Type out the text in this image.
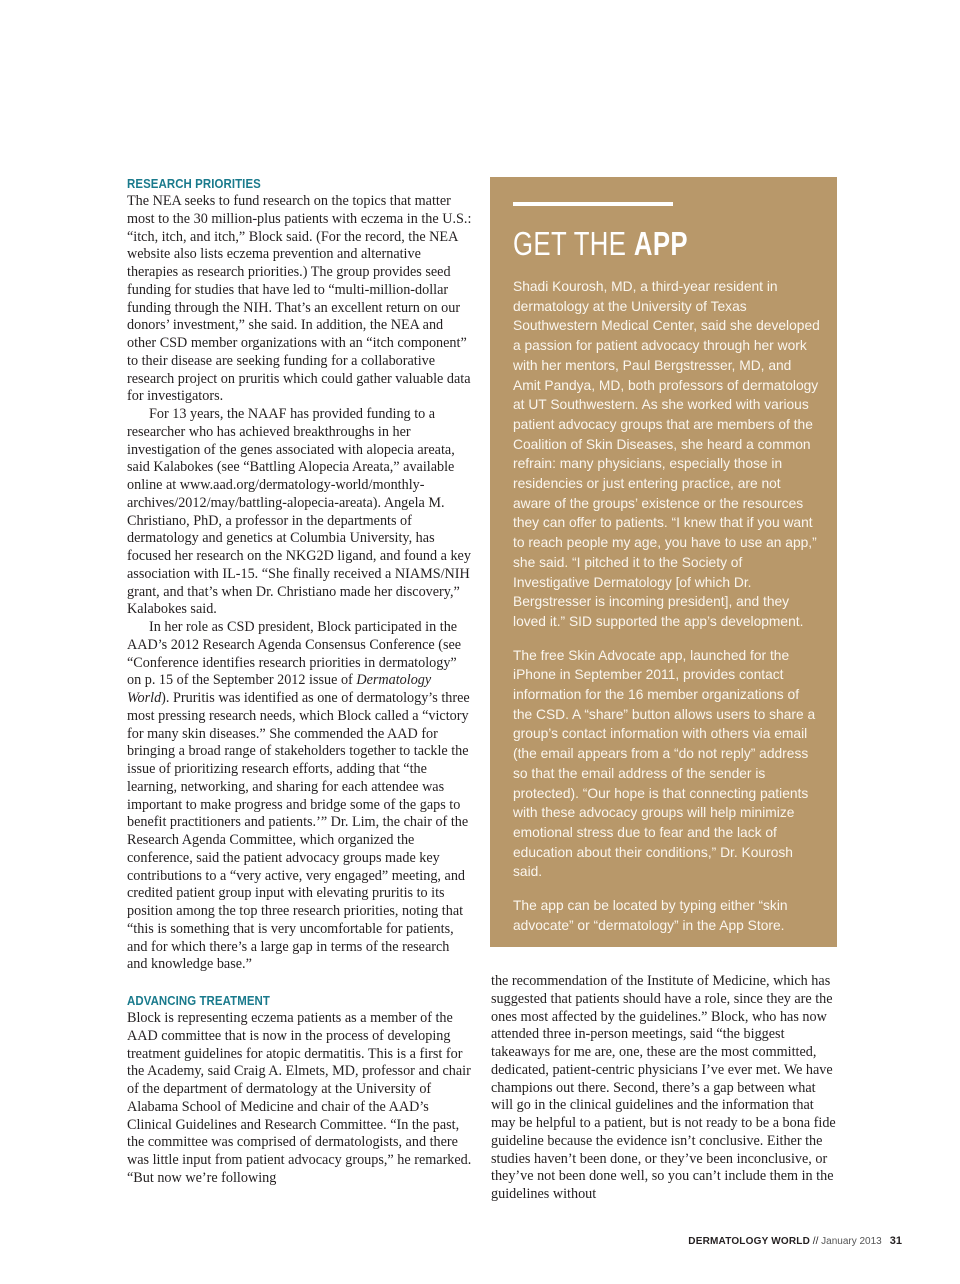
RESEARCH PRIORITIES

The NEA seeks to fund research on the topics that matter most to the 30 million-plus patients with eczema in the U.S.: “itch, itch, and itch,” Block said. (For the record, the NEA website also lists eczema prevention and alternative therapies as research priorities.) The group provides seed funding for studies that have led to “multi-million-dollar funding through the NIH. That’s an excellent return on our donors’ investment,” she said. In addition, the NEA and other CSD member organizations with an “itch component” to their disease are seeking funding for a collaborative research project on pruritis which could gather valuable data for investigators.

For 13 years, the NAAF has provided funding to a researcher who has achieved breakthroughs in her investigation of the genes associated with alopecia areata, said Kalabokes (see “Battling Alopecia Areata,” available online at www.aad.org/dermatology-world/monthly-archives/2012/may/battling-alopecia-areata). Angela M. Christiano, PhD, a professor in the departments of dermatology and genetics at Columbia University, has focused her research on the NKG2D ligand, and found a key association with IL-15. “She finally received a NIAMS/NIH grant, and that’s when Dr. Christiano made her discovery,” Kalabokes said.

In her role as CSD president, Block participated in the AAD’s 2012 Research Agenda Consensus Conference (see “Conference identifies research priorities in dermatology” on p. 15 of the September 2012 issue of Dermatology World). Pruritis was identified as one of dermatology’s three most pressing research needs, which Block called a “victory for many skin diseases.” She commended the AAD for bringing a broad range of stakeholders together to tackle the issue of prioritizing research efforts, adding that “the learning, networking, and sharing for each attendee was important to make progress and bridge some of the gaps to benefit practitioners and patients.’” Dr. Lim, the chair of the Research Agenda Committee, which organized the conference, said the patient advocacy groups made key contributions to a “very active, very engaged” meeting, and credited patient group input with elevating pruritis to its position among the top three research priorities, noting that “this is something that is very uncomfortable for patients, and for which there’s a large gap in terms of the research and knowledge base.”

ADVANCING TREATMENT

Block is representing eczema patients as a member of the AAD committee that is now in the process of developing treatment guidelines for atopic dermatitis. This is a first for the Academy, said Craig A. Elmets, MD, professor and chair of the department of dermatology at the University of Alabama School of Medicine and chair of the AAD’s Clinical Guidelines and Research Committee. “In the past, the committee was comprised of dermatologists, and there was little input from patient advocacy groups,” he remarked. “But now we’re following

GET THE APP

Shadi Kourosh, MD, a third-year resident in dermatology at the University of Texas Southwestern Medical Center, said she developed a passion for patient advocacy through her work with her mentors, Paul Bergstresser, MD, and Amit Pandya, MD, both professors of dermatology at UT Southwestern. As she worked with various patient advocacy groups that are members of the Coalition of Skin Diseases, she heard a common refrain: many physicians, especially those in residencies or just entering practice, are not aware of the groups’ existence or the resources they can offer to patients. “I knew that if you want to reach people my age, you have to use an app,” she said. “I pitched it to the Society of Investigative Dermatology [of which Dr. Bergstresser is incoming president], and they loved it.” SID supported the app’s development.

The free Skin Advocate app, launched for the iPhone in September 2011, provides contact information for the 16 member organizations of the CSD. A “share” button allows users to share a group’s contact information with others via email (the email appears from a “do not reply” address so that the email address of the sender is protected). “Our hope is that connecting patients with these advocacy groups will help minimize emotional stress due to fear and the lack of education about their conditions,” Dr. Kourosh said.

The app can be located by typing either “skin advocate” or “dermatology” in the App Store.

the recommendation of the Institute of Medicine, which has suggested that patients should have a role, since they are the ones most affected by the guidelines.” Block, who has now attended three in-person meetings, said “the biggest takeaways for me are, one, these are the most committed, dedicated, patient-centric physicians I’ve ever met. We have champions out there. Second, there’s a gap between what will go in the clinical guidelines and the information that may be helpful to a patient, but is not ready to be a bona fide guideline because the evidence isn’t conclusive. Either the studies haven’t been done, or they’ve been inconclusive, or they’ve not been done well, so you can’t include them in the guidelines without

DERMATOLOGY WORLD // January 2013 31
